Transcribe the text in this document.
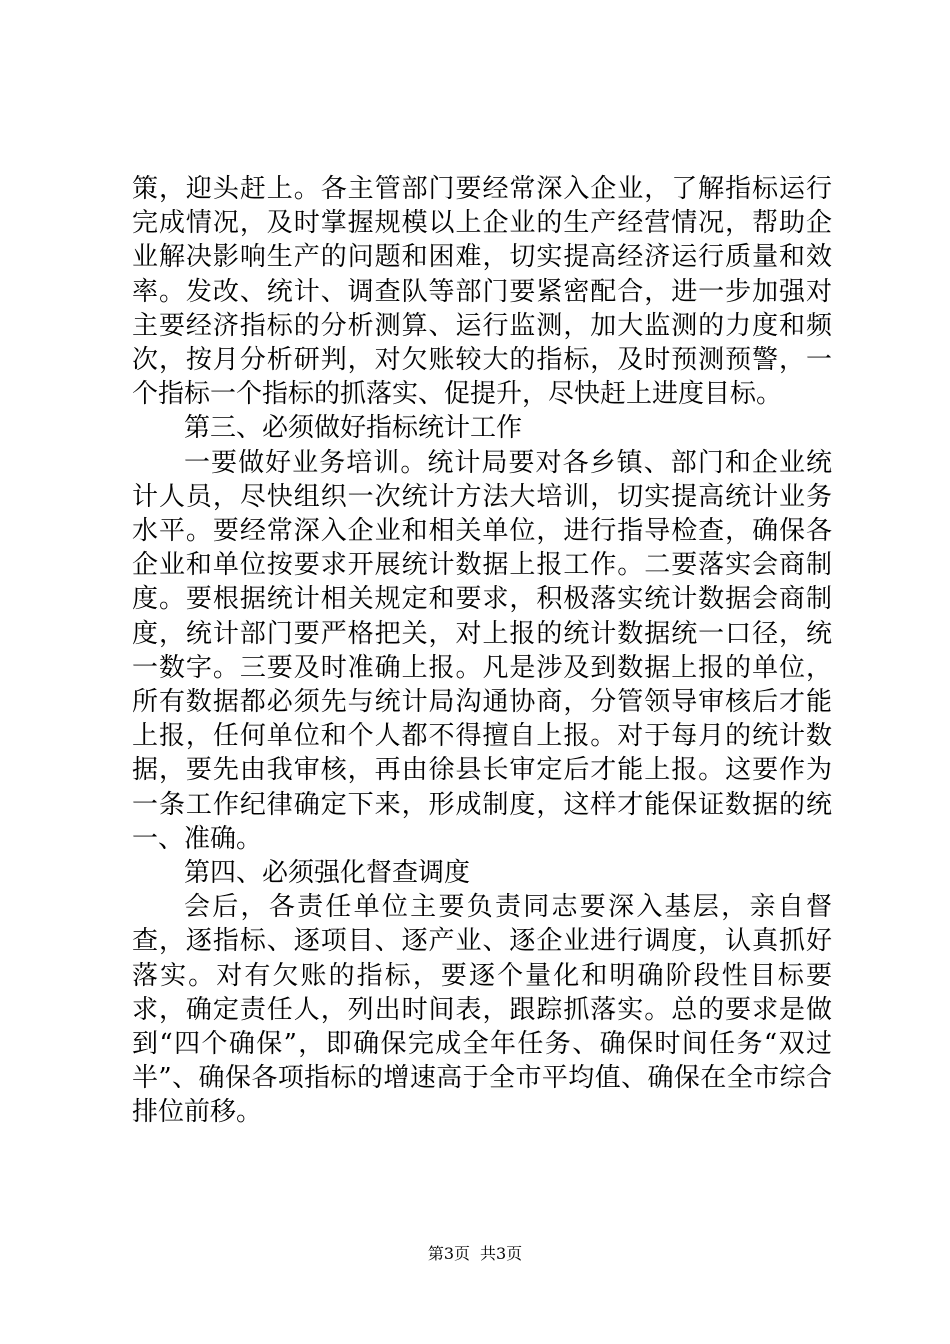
策，迎头赶上。各主管部门要经常深入企业，了解指标运行完成情况，及时掌握规模以上企业的生产经营情况，帮助企业解决影响生产的问题和困难，切实提高经济运行质量和效率。发改、统计、调查队等部门要紧密配合，进一步加强对主要经济指标的分析测算、运行监测，加大监测的力度和频次，按月分析研判，对欠账较大的指标，及时预测预警，一个指标一个指标的抓落实、促提升，尽快赶上进度目标。

第三、必须做好指标统计工作

一要做好业务培训。统计局要对各乡镇、部门和企业统计人员，尽快组织一次统计方法大培训，切实提高统计业务水平。要经常深入企业和相关单位，进行指导检查，确保各企业和单位按要求开展统计数据上报工作。二要落实会商制度。要根据统计相关规定和要求，积极落实统计数据会商制度，统计部门要严格把关，对上报的统计数据统一口径，统一数字。三要及时准确上报。凡是涉及到数据上报的单位，所有数据都必须先与统计局沟通协商，分管领导审核后才能上报，任何单位和个人都不得擅自上报。对于每月的统计数据，要先由我审核，再由徐县长审定后才能上报。这要作为一条工作纪律确定下来，形成制度，这样才能保证数据的统一、准确。

第四、必须强化督查调度

会后，各责任单位主要负责同志要深入基层，亲自督查，逐指标、逐项目、逐产业、逐企业进行调度，认真抓好落实。对有欠账的指标，要逐个量化和明确阶段性目标要求，确定责任人，列出时间表，跟踪抓落实。总的要求是做到“四个确保”，即确保完成全年任务、确保时间任务“双过半”、确保各项指标的增速高于全市平均值、确保在全市综合排位前移。

第3页 共3页
